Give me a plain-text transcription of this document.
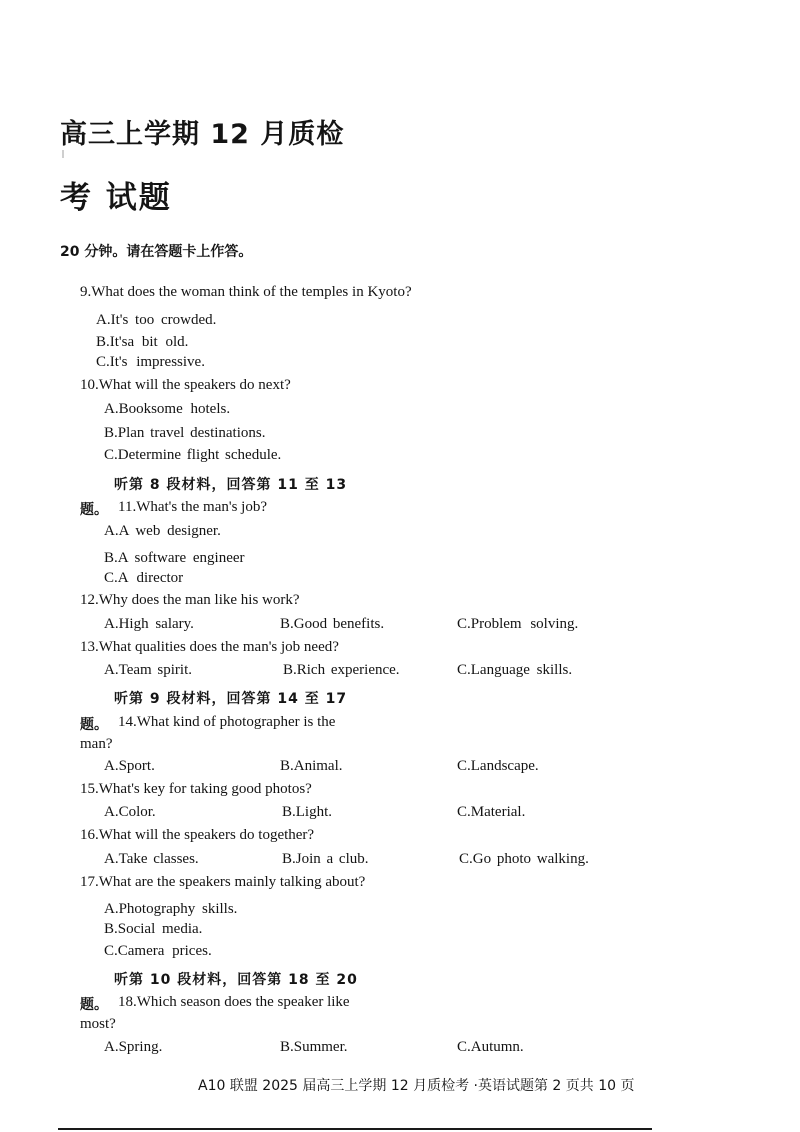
高三上学期 12 月质检
考 试题
20 分钟。请在答题卡上作答。
9.What does the woman think of the temples in Kyoto?
A.It's too crowded.
B.It'sa bit old.
C.It's impressive.
10.What will the speakers do next?
A.Booksome hotels.
B.Plan travel destinations.
C.Determine flight schedule.
听第 8 段材料，回答第 11 至 13
题。 11.What's the man's job?
A.A web designer.
B.A software engineer
C.A director
12.Why does the man like his work?
A.High salary.	B.Good benefits.	C.Problem solving.
13.What qualities does the man's job need?
A.Team spirit.	B.Rich experience.	C.Language skills.
听第 9 段材料，回答第 14 至 17
题。 14.What kind of photographer is the
man?
A.Sport.	B.Animal.	C.Landscape.
15.What's key for taking good photos?
A.Color.	B.Light.	C.Material.
16.What will the speakers do together?
A.Take classes.	B.Join a club.	C.Go photo walking.
17.What are the speakers mainly talking about?
A.Photography skills.
B.Social media.
C.Camera prices.
听第 10 段材料，回答第 18 至 20
题。 18.Which season does the speaker like
most?
A.Spring.	B.Summer.	C.Autumn.
A10 联盟 2025 届高三上学期 12 月质检考 ·英语试题第 2 页共 10 页
